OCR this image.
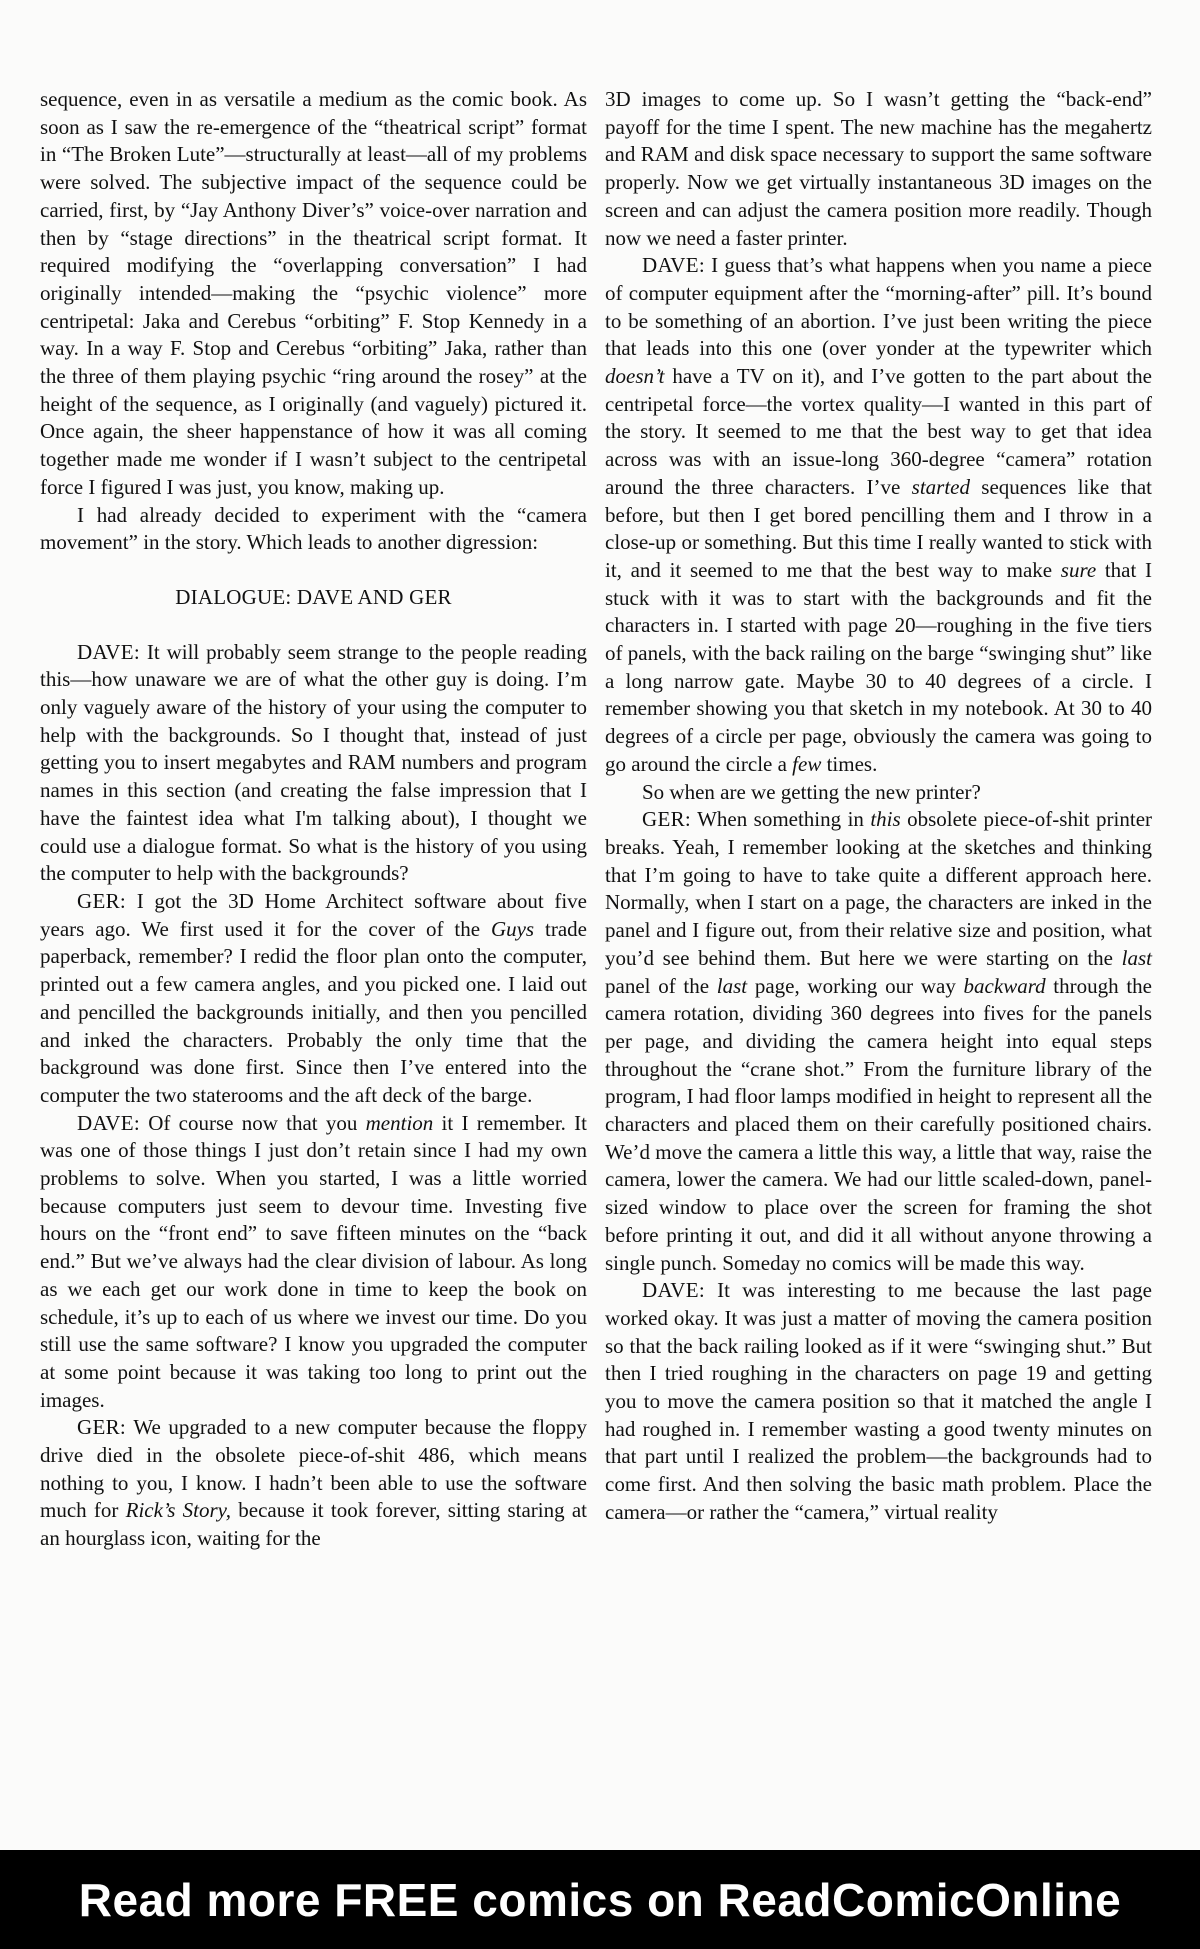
sequence, even in as versatile a medium as the comic book. As soon as I saw the re-emergence of the “theatrical script” format in “The Broken Lute”—structurally at least—all of my problems were solved. The subjective impact of the sequence could be carried, first, by “Jay Anthony Diver’s” voice-over narration and then by “stage directions” in the theatrical script format. It required modifying the “overlapping conversation” I had originally intended—making the “psychic violence” more centripetal: Jaka and Cerebus “orbiting” F. Stop Kennedy in a way. In a way F. Stop and Cerebus “orbiting” Jaka, rather than the three of them playing psychic “ring around the rosey” at the height of the sequence, as I originally (and vaguely) pictured it. Once again, the sheer happenstance of how it was all coming together made me wonder if I wasn’t subject to the centripetal force I figured I was just, you know, making up.

I had already decided to experiment with the “camera movement” in the story. Which leads to another digression:

DIALOGUE: DAVE AND GER

DAVE: It will probably seem strange to the people reading this—how unaware we are of what the other guy is doing. I’m only vaguely aware of the history of your using the computer to help with the backgrounds. So I thought that, instead of just getting you to insert megabytes and RAM numbers and program names in this section (and creating the false impression that I have the faintest idea what I'm talking about), I thought we could use a dialogue format. So what is the history of you using the computer to help with the backgrounds?

GER: I got the 3D Home Architect software about five years ago. We first used it for the cover of the Guys trade paperback, remember? I redid the floor plan onto the computer, printed out a few camera angles, and you picked one. I laid out and pencilled the backgrounds initially, and then you pencilled and inked the characters. Probably the only time that the background was done first. Since then I’ve entered into the computer the two staterooms and the aft deck of the barge.

DAVE: Of course now that you mention it I remember. It was one of those things I just don’t retain since I had my own problems to solve. When you started, I was a little worried because computers just seem to devour time. Investing five hours on the “front end” to save fifteen minutes on the “back end.” But we’ve always had the clear division of labour. As long as we each get our work done in time to keep the book on schedule, it’s up to each of us where we invest our time. Do you still use the same software? I know you upgraded the computer at some point because it was taking too long to print out the images.

GER: We upgraded to a new computer because the floppy drive died in the obsolete piece-of-shit 486, which means nothing to you, I know. I hadn’t been able to use the software much for Rick’s Story, because it took forever, sitting staring at an hourglass icon, waiting for the

3D images to come up. So I wasn’t getting the “back-end” payoff for the time I spent. The new machine has the megahertz and RAM and disk space necessary to support the same software properly. Now we get virtually instantaneous 3D images on the screen and can adjust the camera position more readily. Though now we need a faster printer.

DAVE: I guess that’s what happens when you name a piece of computer equipment after the “morning-after” pill. It’s bound to be something of an abortion. I’ve just been writing the piece that leads into this one (over yonder at the typewriter which doesn’t have a TV on it), and I’ve gotten to the part about the centripetal force—the vortex quality—I wanted in this part of the story. It seemed to me that the best way to get that idea across was with an issue-long 360-degree “camera” rotation around the three characters. I’ve started sequences like that before, but then I get bored pencilling them and I throw in a close-up or something. But this time I really wanted to stick with it, and it seemed to me that the best way to make sure that I stuck with it was to start with the backgrounds and fit the characters in. I started with page 20—roughing in the five tiers of panels, with the back railing on the barge “swinging shut” like a long narrow gate. Maybe 30 to 40 degrees of a circle. I remember showing you that sketch in my notebook. At 30 to 40 degrees of a circle per page, obviously the camera was going to go around the circle a few times.

So when are we getting the new printer?

GER: When something in this obsolete piece-of-shit printer breaks. Yeah, I remember looking at the sketches and thinking that I’m going to have to take quite a different approach here. Normally, when I start on a page, the characters are inked in the panel and I figure out, from their relative size and position, what you’d see behind them. But here we were starting on the last panel of the last page, working our way backward through the camera rotation, dividing 360 degrees into fives for the panels per page, and dividing the camera height into equal steps throughout the “crane shot.” From the furniture library of the program, I had floor lamps modified in height to represent all the characters and placed them on their carefully positioned chairs. We’d move the camera a little this way, a little that way, raise the camera, lower the camera. We had our little scaled-down, panel-sized window to place over the screen for framing the shot before printing it out, and did it all without anyone throwing a single punch. Someday no comics will be made this way.

DAVE: It was interesting to me because the last page worked okay. It was just a matter of moving the camera position so that the back railing looked as if it were “swinging shut.” But then I tried roughing in the characters on page 19 and getting you to move the camera position so that it matched the angle I had roughed in. I remember wasting a good twenty minutes on that part until I realized the problem—the backgrounds had to come first. And then solving the basic math problem. Place the camera—or rather the “camera,” virtual reality

Read more FREE comics on ReadComicOnline
